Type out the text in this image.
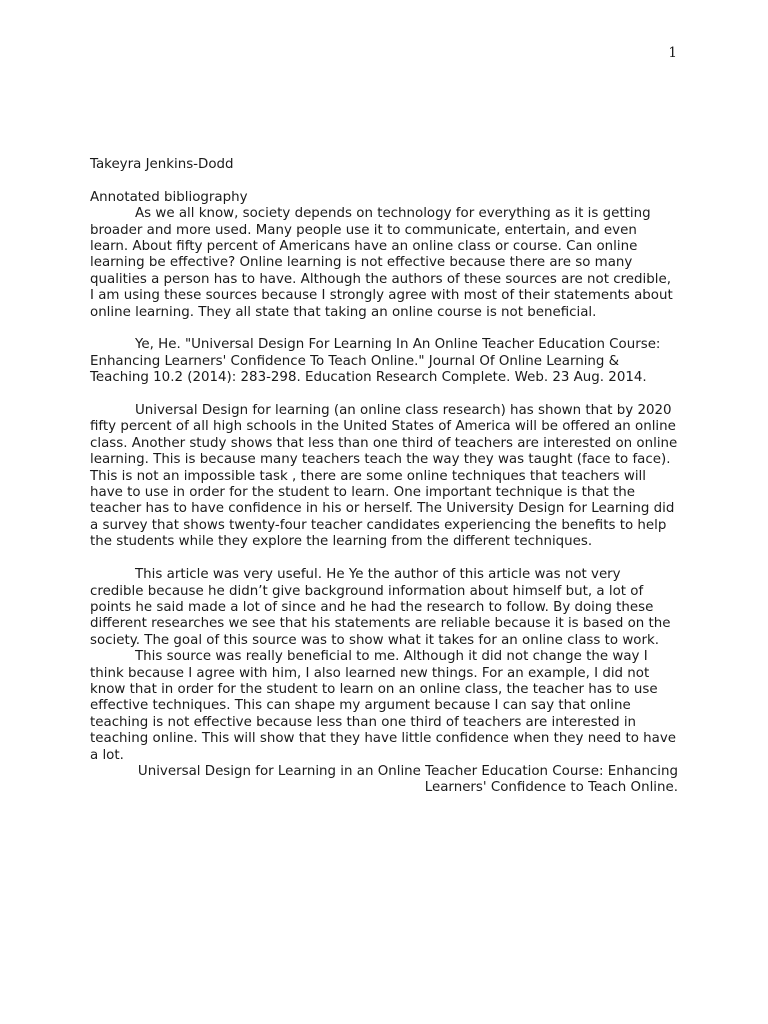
1

Takeyra Jenkins-Dodd

Annotated bibliography

As we all know, society depends on technology for everything as it is getting broader and more used. Many people use it to communicate, entertain, and even learn. About fifty percent of Americans have an online class or course. Can online learning be effective? Online learning is not effective because there are so many qualities a person has to have. Although the authors of these sources are not credible, I am using these sources because I strongly agree with most of their statements about online learning. They all state that taking an online course is not beneficial.

Ye, He. "Universal Design For Learning In An Online Teacher Education Course: Enhancing Learners' Confidence To Teach Online." Journal Of Online Learning & Teaching 10.2 (2014): 283-298. Education Research Complete. Web. 23 Aug. 2014.

Universal Design for learning (an online class research) has shown that by 2020 fifty percent of all high schools in the United States of America will be offered an online class. Another study shows that less than one third of teachers are interested on online learning. This is because many teachers teach the way they was taught (face to face). This is not an impossible task , there are some online techniques that teachers will have to use in order for the student to learn. One important technique is that the teacher has to have confidence in his or herself. The University Design for Learning did a survey that shows twenty-four teacher candidates experiencing the benefits to help the students while they explore the learning from the different techniques.

This article was very useful. He Ye the author of this article was not very credible because he didn’t give background information about himself but, a lot of points he said made a lot of since and he had the research to follow. By doing these different researches we see that his statements are reliable because it is based on the society. The goal of this source was to show what it takes for an online class to work.

This source was really beneficial to me. Although it did not change the way I think because I agree with him, I also learned new things. For an example, I did not know that in order for the student to learn on an online class, the teacher has to use effective techniques. This can shape my argument because I can say that online teaching is not effective because less than one third of teachers are interested in teaching online. This will show that they have little confidence when they need to have a lot.

Universal Design for Learning in an Online Teacher Education Course: Enhancing Learners' Confidence to Teach Online.
